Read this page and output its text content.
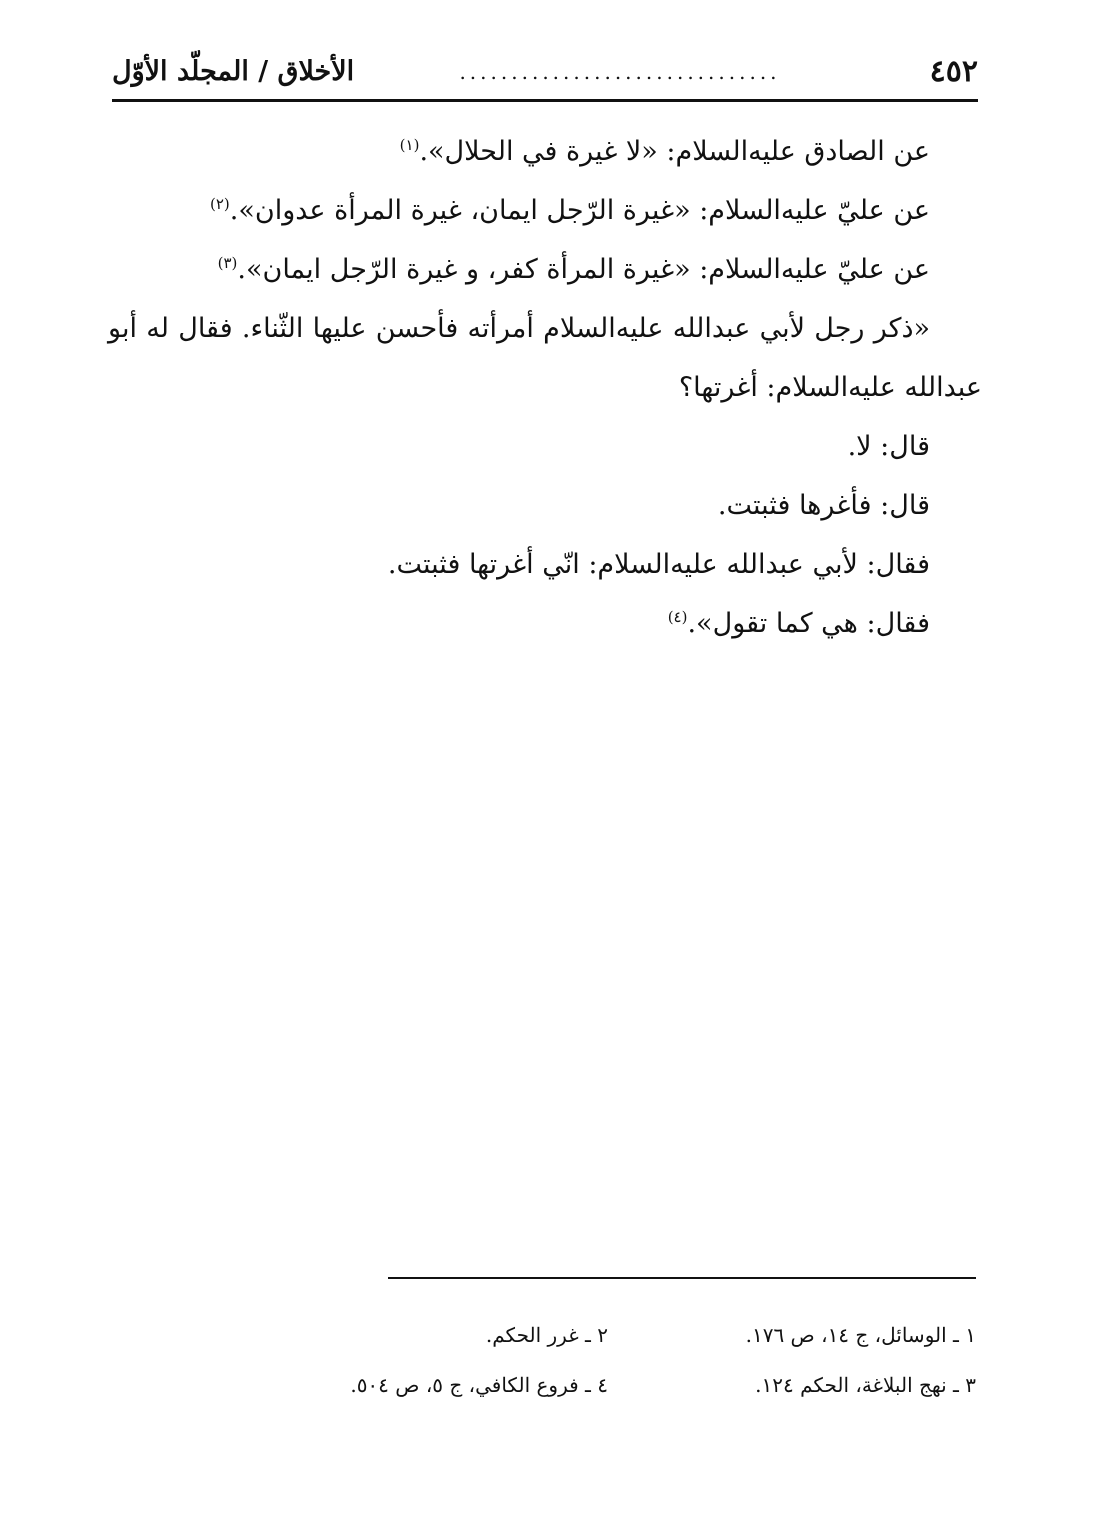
٤٥٢
...............................
الأخلاق / المجلّد الأوّل

عن الصادق عليه‌السلام: «لا غيرة في الحلال».$^{(١)}$

عن عليّ عليه‌السلام: «غيرة الرّجل ايمان، غيرة المرأة عدوان».$^{(٢)}$

عن عليّ عليه‌السلام: «غيرة المرأة كفر، و غيرة الرّجل ايمان».$^{(٣)}$

«ذكر رجل لأبي عبدالله عليه‌السلام أمرأته فأحسن عليها الثّناء. فقال له أبو عبدالله عليه‌السلام: أغرتها؟

قال: لا.

قال: فأغرها فثبتت.

فقال: لأبي عبدالله عليه‌السلام: انّي أغرتها فثبتت.

فقال: هي كما تقول».$^{(٤)}$

١ ـ الوسائل، ج ١٤، ص ١٧٦.
٢ ـ غرر الحكم.
٣ ـ نهج البلاغة، الحكم ١٢٤.
٤ ـ فروع الكافي، ج ٥، ص ٥٠٤.
